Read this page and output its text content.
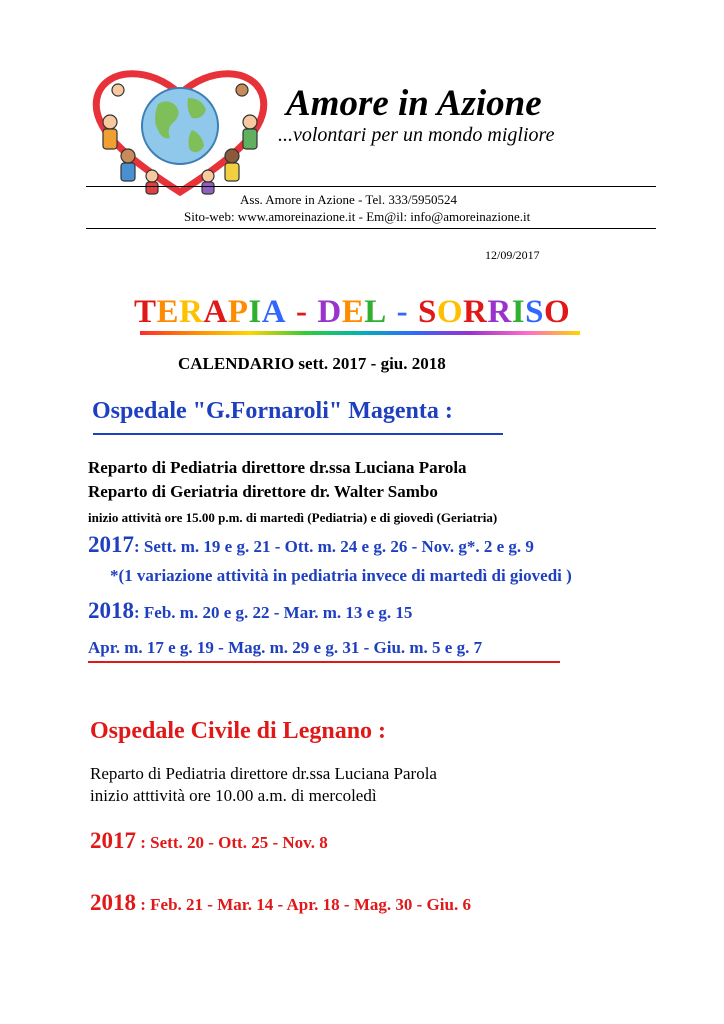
Amore in Azione
...volontari per un mondo migliore
Ass. Amore in Azione - Tel. 333/5950524
Sito-web: www.amoreinazione.it - Em@il: info@amoreinazione.it
12/09/2017
TERAPIA - DEL - SORRISO
CALENDARIO sett. 2017 - giu. 2018
Ospedale "G.Fornaroli" Magenta :
Reparto di Pediatria direttore dr.ssa Luciana Parola
Reparto di Geriatria direttore dr. Walter Sambo
inizio attività ore 15.00 p.m. di martedì (Pediatria) e di giovedì (Geriatria)
2017: Sett. m. 19 e g. 21 - Ott. m. 24 e g. 26 - Nov. g*. 2 e g. 9
*(1 variazione attività in pediatria invece di martedì di giovedi )
2018: Feb. m. 20 e g. 22 - Mar. m. 13 e g. 15
Apr. m. 17 e g. 19 - Mag. m. 29 e g. 31 - Giu. m. 5 e g. 7
Ospedale Civile di Legnano :
Reparto di Pediatria direttore dr.ssa Luciana Parola
inizio atttività ore 10.00 a.m. di mercoledì
2017 : Sett. 20 - Ott. 25 - Nov. 8
2018 : Feb. 21 - Mar. 14 - Apr. 18 - Mag. 30 - Giu. 6
